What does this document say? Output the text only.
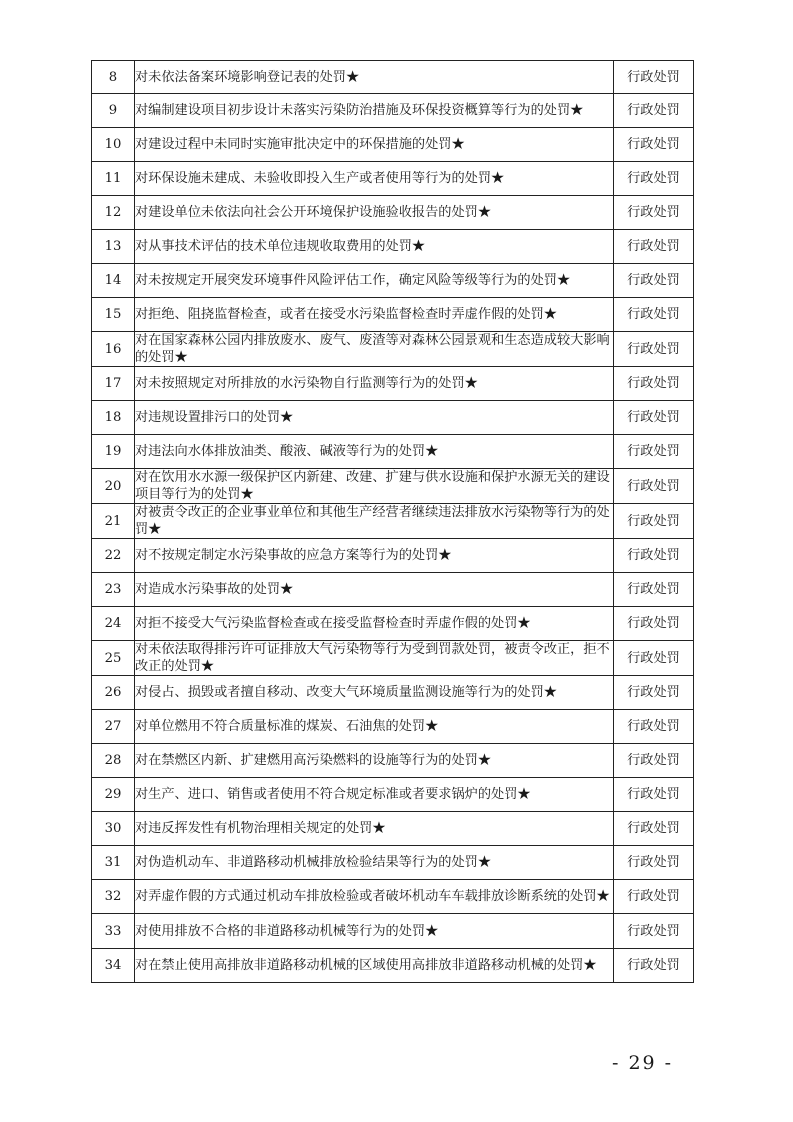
8	对未依法备案环境影响登记表的处罚★	行政处罚
9	对编制建设项目初步设计未落实污染防治措施及环保投资概算等行为的处罚★	行政处罚
10	对建设过程中未同时实施审批决定中的环保措施的处罚★	行政处罚
11	对环保设施未建成、未验收即投入生产或者使用等行为的处罚★	行政处罚
12	对建设单位未依法向社会公开环境保护设施验收报告的处罚★	行政处罚
13	对从事技术评估的技术单位违规收取费用的处罚★	行政处罚
14	对未按规定开展突发环境事件风险评估工作，确定风险等级等行为的处罚★	行政处罚
15	对拒绝、阻挠监督检查，或者在接受水污染监督检查时弄虚作假的处罚★	行政处罚
16	对在国家森林公园内排放废水、废气、废渣等对森林公园景观和生态造成较大影响的处罚★	行政处罚
17	对未按照规定对所排放的水污染物自行监测等行为的处罚★	行政处罚
18	对违规设置排污口的处罚★	行政处罚
19	对违法向水体排放油类、酸液、碱液等行为的处罚★	行政处罚
20	对在饮用水水源一级保护区内新建、改建、扩建与供水设施和保护水源无关的建设项目等行为的处罚★	行政处罚
21	对被责令改正的企业事业单位和其他生产经营者继续违法排放水污染物等行为的处罚★	行政处罚
22	对不按规定制定水污染事故的应急方案等行为的处罚★	行政处罚
23	对造成水污染事故的处罚★	行政处罚
24	对拒不接受大气污染监督检查或在接受监督检查时弄虚作假的处罚★	行政处罚
25	对未依法取得排污许可证排放大气污染物等行为受到罚款处罚，被责令改正，拒不改正的处罚★	行政处罚
26	对侵占、损毁或者擅自移动、改变大气环境质量监测设施等行为的处罚★	行政处罚
27	对单位燃用不符合质量标准的煤炭、石油焦的处罚★	行政处罚
28	对在禁燃区内新、扩建燃用高污染燃料的设施等行为的处罚★	行政处罚
29	对生产、进口、销售或者使用不符合规定标准或者要求锅炉的处罚★	行政处罚
30	对违反挥发性有机物治理相关规定的处罚★	行政处罚
31	对伪造机动车、非道路移动机械排放检验结果等行为的处罚★	行政处罚
32	对弄虚作假的方式通过机动车排放检验或者破坏机动车车载排放诊断系统的处罚★	行政处罚
33	对使用排放不合格的非道路移动机械等行为的处罚★	行政处罚
34	对在禁止使用高排放非道路移动机械的区域使用高排放非道路移动机械的处罚★	行政处罚
- 29 -
